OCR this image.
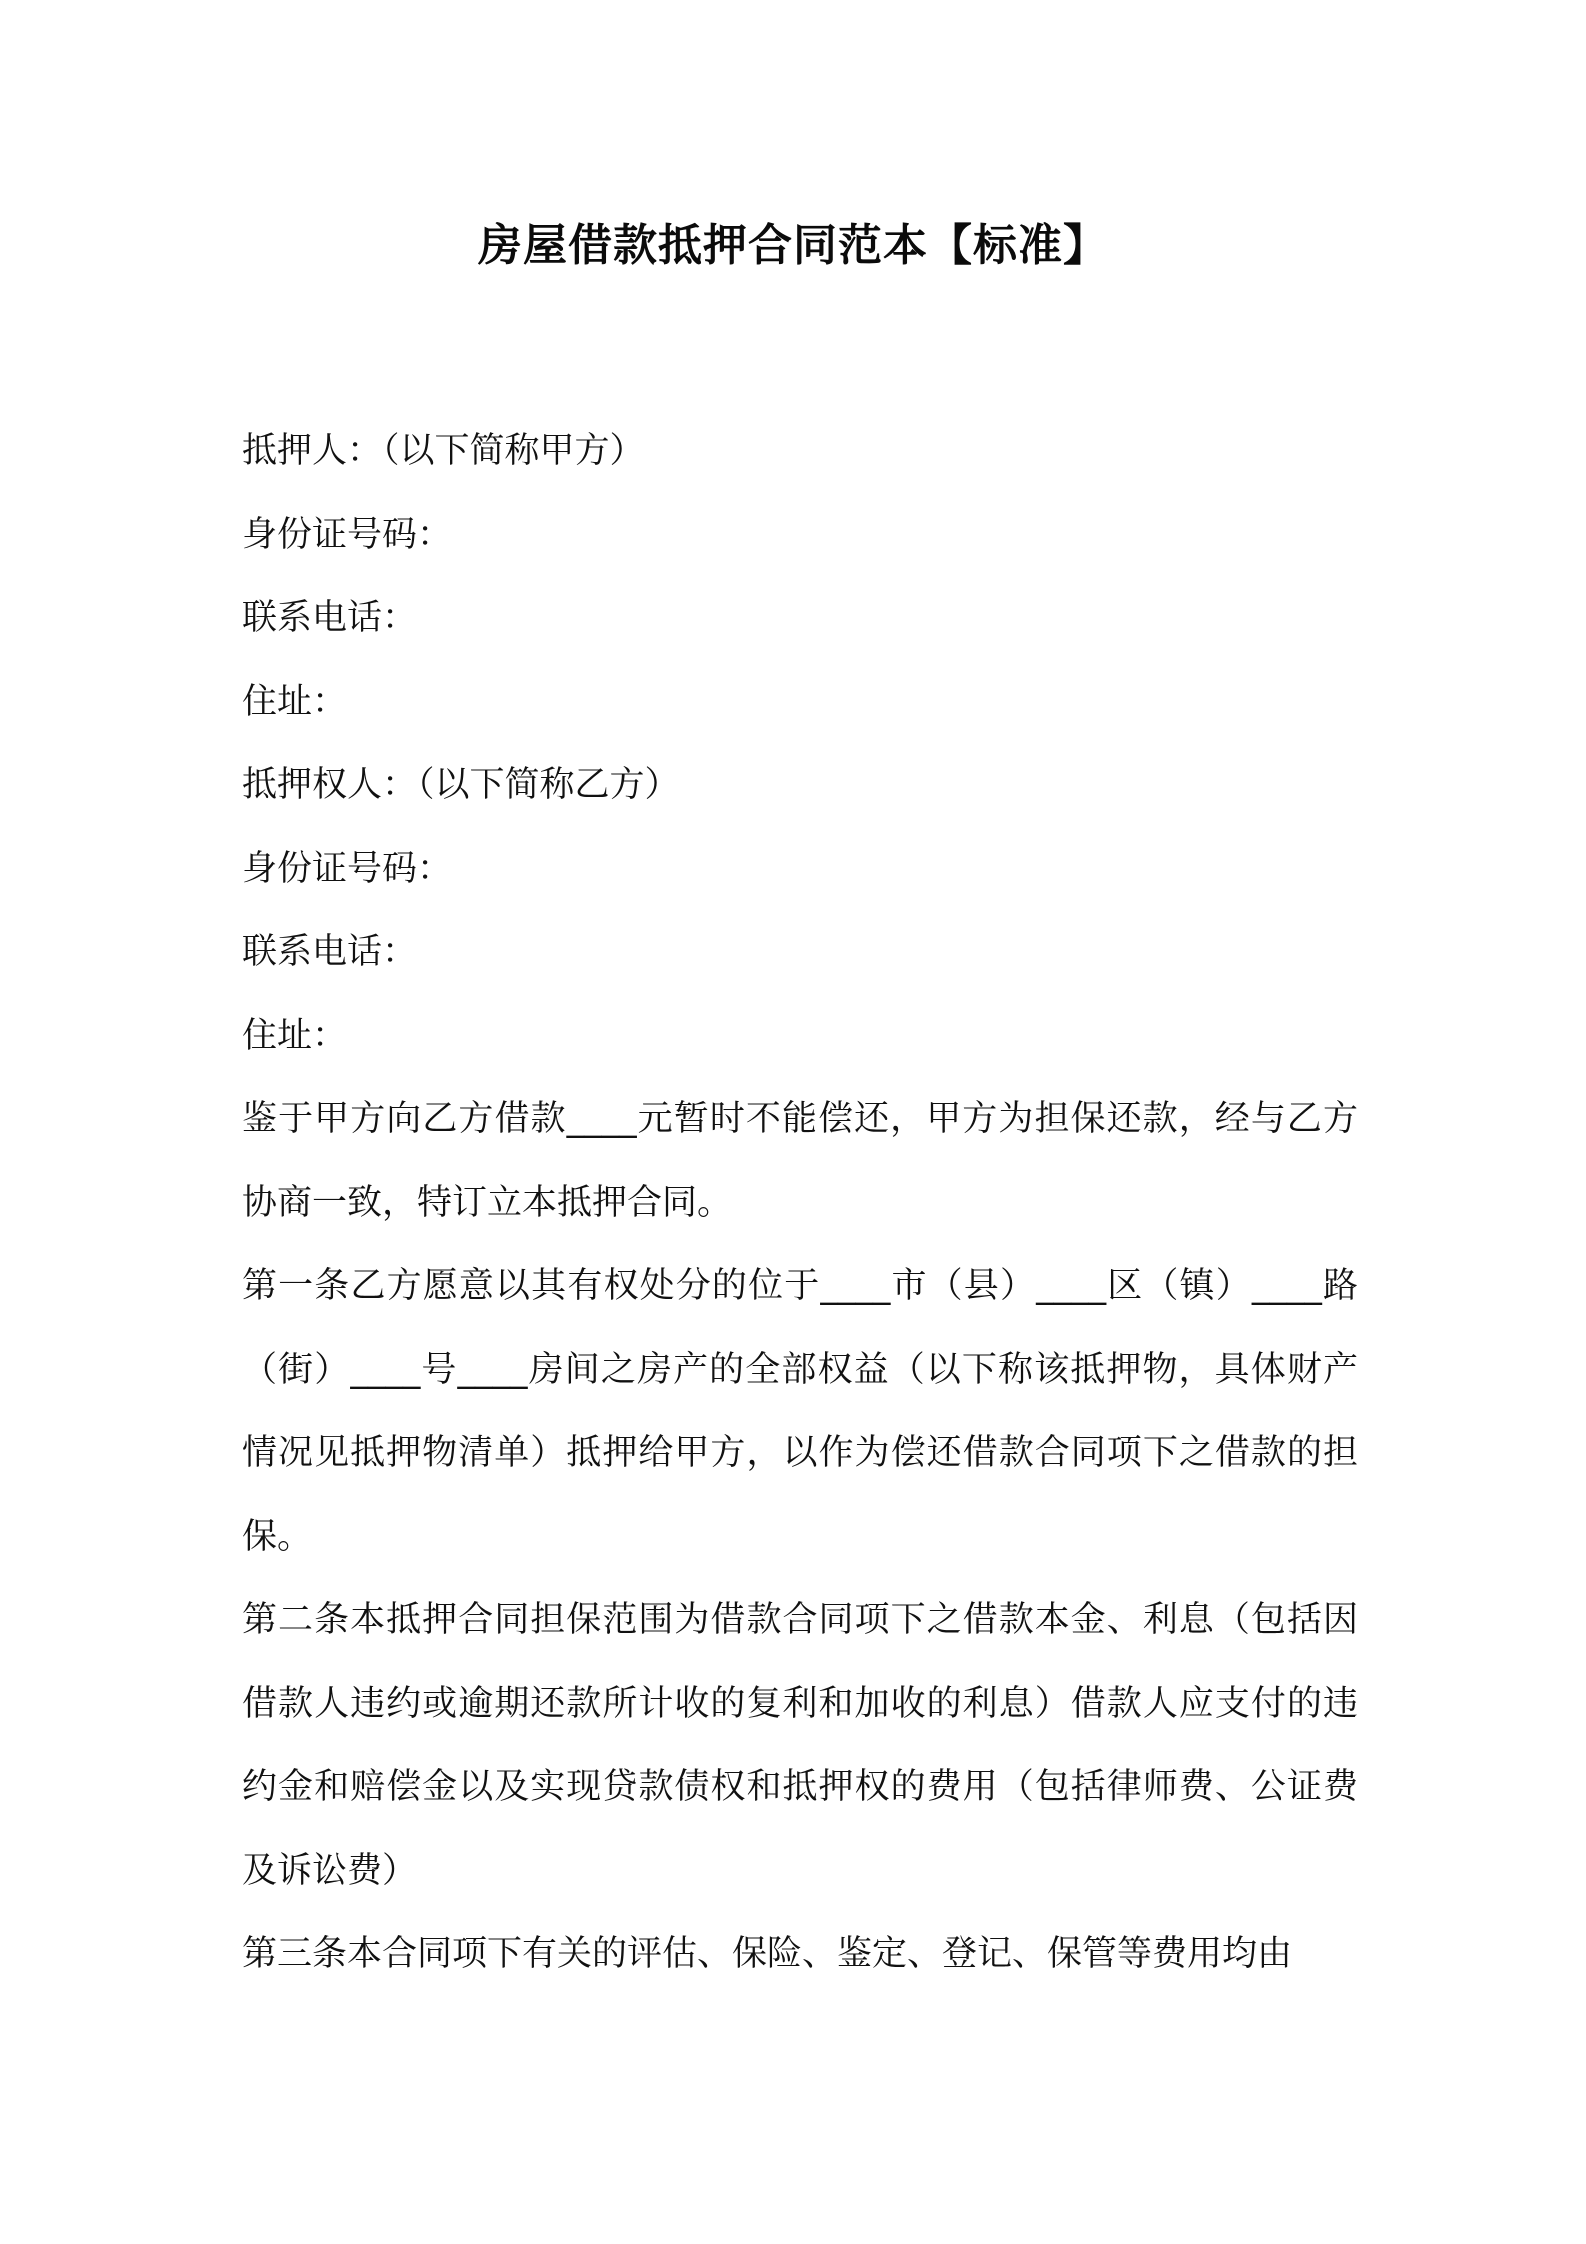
房屋借款抵押合同范本【标准】
抵押人：（以下简称甲方）
身份证号码：
联系电话：
住址：
抵押权人：（以下简称乙方）
身份证号码：
联系电话：
住址：
鉴于甲方向乙方借款____元暂时不能偿还，甲方为担保还款，经与乙方协商一致，特订立本抵押合同。
第一条乙方愿意以其有权处分的位于____市（县）____区（镇）____路（街）____号____房间之房产的全部权益（以下称该抵押物，具体财产情况见抵押物清单）抵押给甲方，以作为偿还借款合同项下之借款的担保。
第二条本抵押合同担保范围为借款合同项下之借款本金、利息（包括因借款人违约或逾期还款所计收的复利和加收的利息）借款人应支付的违约金和赔偿金以及实现贷款债权和抵押权的费用（包括律师费、公证费及诉讼费）
第三条本合同项下有关的评估、保险、鉴定、登记、保管等费用均由
